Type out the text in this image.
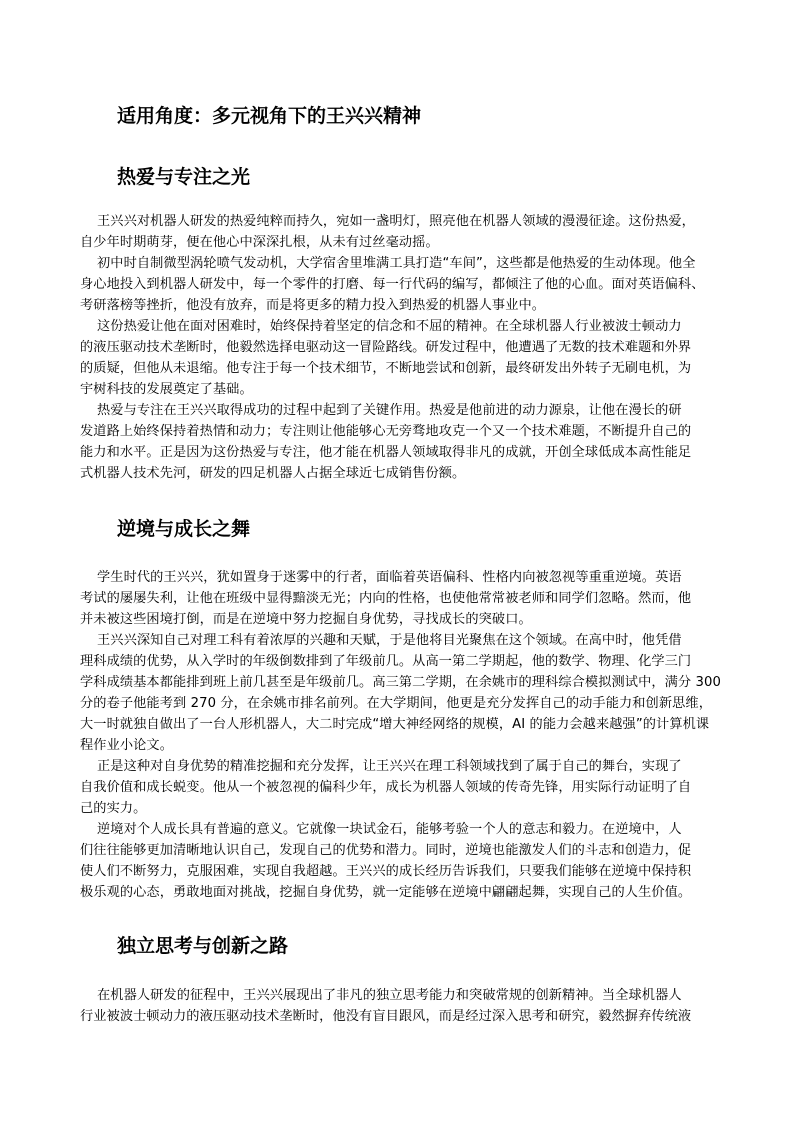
适用角度：多元视角下的王兴兴精神
热爱与专注之光
王兴兴对机器人研发的热爱纯粹而持久，宛如一盏明灯，照亮他在机器人领域的漫漫征途。这份热爱，
自少年时期萌芽，便在他心中深深扎根，从未有过丝毫动摇。
初中时自制微型涡轮喷气发动机，大学宿舍里堆满工具打造“车间”，这些都是他热爱的生动体现。他全
身心地投入到机器人研发中，每一个零件的打磨、每一行代码的编写，都倾注了他的心血。面对英语偏科、
考研落榜等挫折，他没有放弃，而是将更多的精力投入到热爱的机器人事业中。
这份热爱让他在面对困难时，始终保持着坚定的信念和不屈的精神。在全球机器人行业被波士顿动力
的液压驱动技术垄断时，他毅然选择电驱动这一冒险路线。研发过程中，他遭遇了无数的技术难题和外界
的质疑，但他从未退缩。他专注于每一个技术细节，不断地尝试和创新，最终研发出外转子无刷电机，为
宇树科技的发展奠定了基础。
热爱与专注在王兴兴取得成功的过程中起到了关键作用。热爱是他前进的动力源泉，让他在漫长的研
发道路上始终保持着热情和动力；专注则让他能够心无旁骛地攻克一个又一个技术难题，不断提升自己的
能力和水平。正是因为这份热爱与专注，他才能在机器人领域取得非凡的成就，开创全球低成本高性能足
式机器人技术先河，研发的四足机器人占据全球近七成销售份额。
逆境与成长之舞
学生时代的王兴兴，犹如置身于迷雾中的行者，面临着英语偏科、性格内向被忽视等重重逆境。英语
考试的屡屡失利，让他在班级中显得黯淡无光；内向的性格，也使他常常被老师和同学们忽略。然而，他
并未被这些困境打倒，而是在逆境中努力挖掘自身优势，寻找成长的突破口。
王兴兴深知自己对理工科有着浓厚的兴趣和天赋，于是他将目光聚焦在这个领域。在高中时，他凭借
理科成绩的优势，从入学时的年级倒数排到了年级前几。从高一第二学期起，他的数学、物理、化学三门
学科成绩基本都能排到班上前几甚至是年级前几。高三第二学期，在余姚市的理科综合模拟测试中，满分 300
分的卷子他能考到 270 分，在余姚市排名前列。在大学期间，他更是充分发挥自己的动手能力和创新思维，
大一时就独自做出了一台人形机器人，大二时完成“增大神经网络的规模，AI 的能力会越来越强”的计算机课
程作业小论文。
正是这种对自身优势的精准挖掘和充分发挥，让王兴兴在理工科领域找到了属于自己的舞台，实现了
自我价值和成长蜕变。他从一个被忽视的偏科少年，成长为机器人领域的传奇先锋，用实际行动证明了自
己的实力。
逆境对个人成长具有普遍的意义。它就像一块试金石，能够考验一个人的意志和毅力。在逆境中，人
们往往能够更加清晰地认识自己，发现自己的优势和潜力。同时，逆境也能激发人们的斗志和创造力，促
使人们不断努力，克服困难，实现自我超越。王兴兴的成长经历告诉我们，只要我们能够在逆境中保持积
极乐观的心态，勇敢地面对挑战，挖掘自身优势，就一定能够在逆境中翩翩起舞，实现自己的人生价值。
独立思考与创新之路
在机器人研发的征程中，王兴兴展现出了非凡的独立思考能力和突破常规的创新精神。当全球机器人
行业被波士顿动力的液压驱动技术垄断时，他没有盲目跟风，而是经过深入思考和研究，毅然摒弃传统液
